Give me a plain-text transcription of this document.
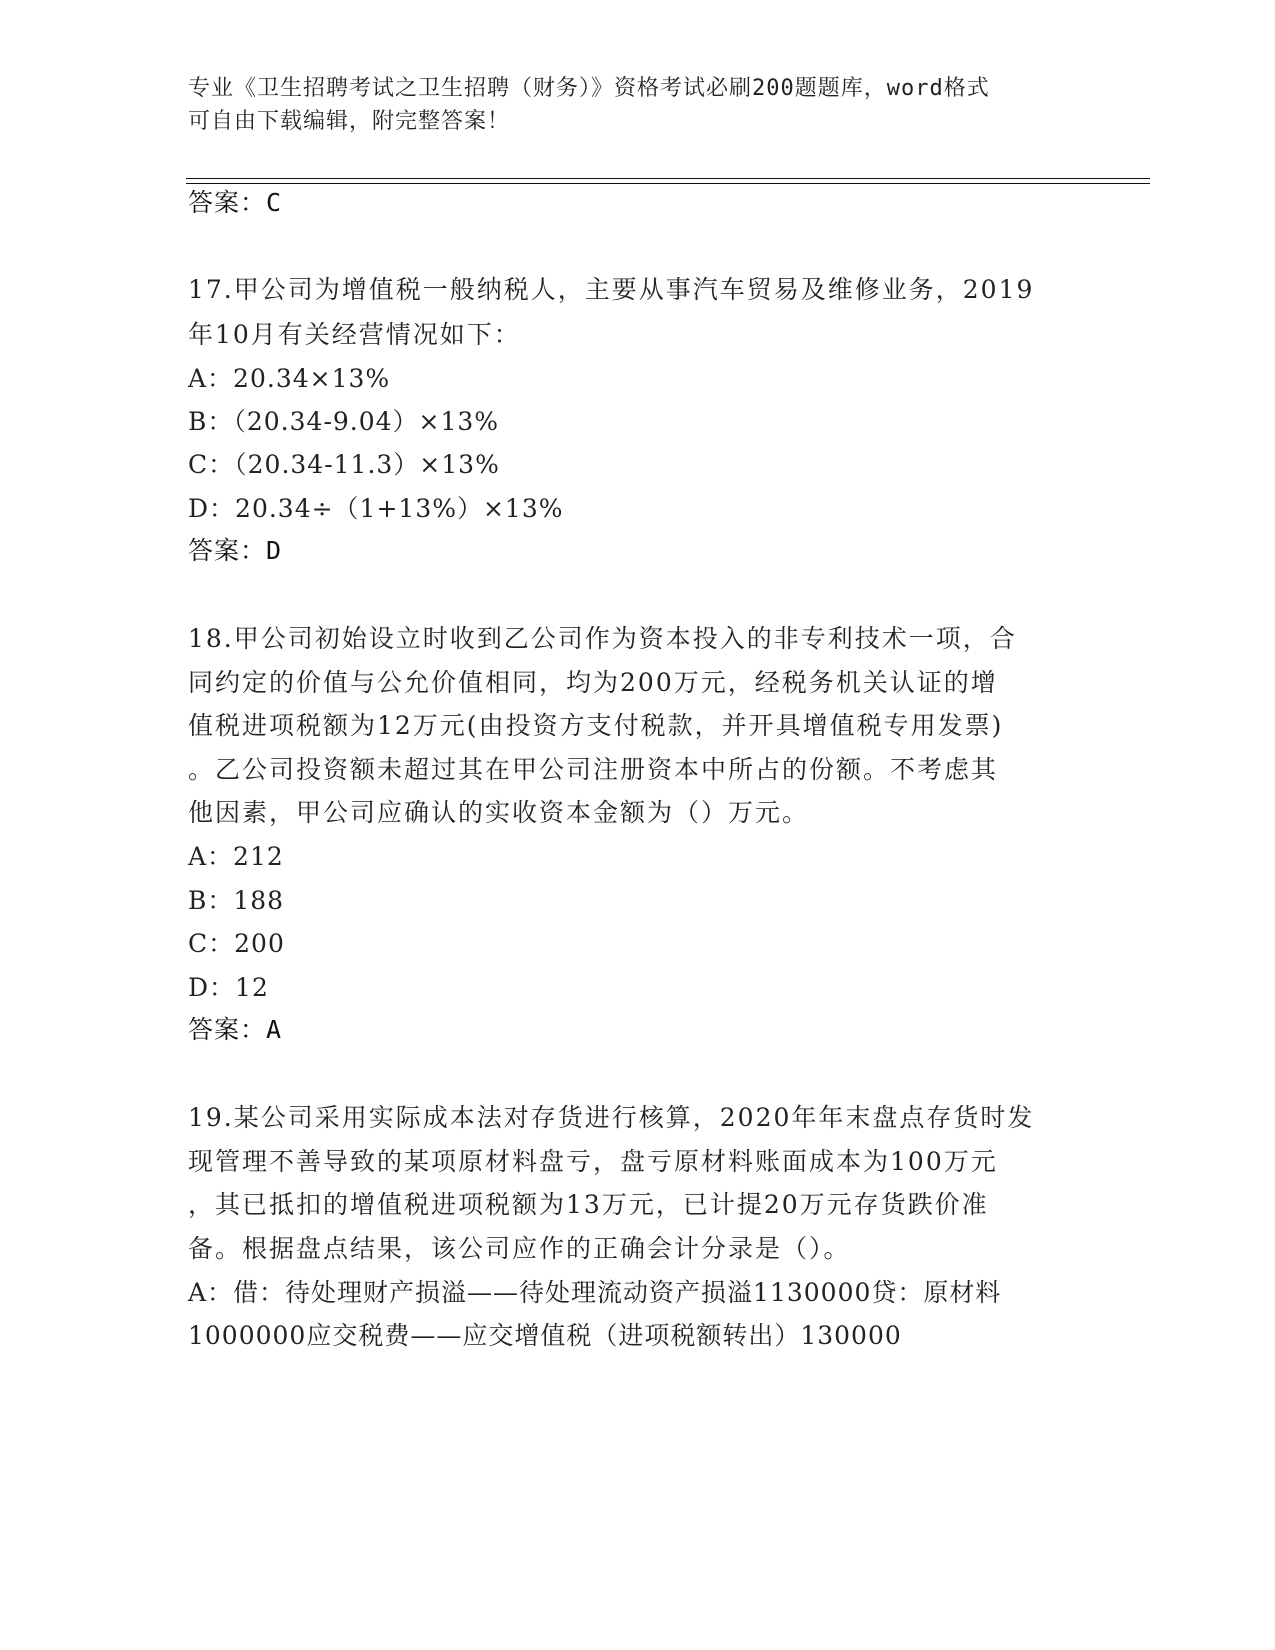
专业《卫生招聘考试之卫生招聘（财务）》资格考试必刷200题题库，word格式
可自由下载编辑，附完整答案！
答案：C
17.甲公司为增值税一般纳税人，主要从事汽车贸易及维修业务，2019
年10月有关经营情况如下：
A：20.34×13%
B：（20.34-9.04）×13%
C：（20.34-11.3）×13%
D：20.34÷（1+13%）×13%
答案：D
18.甲公司初始设立时收到乙公司作为资本投入的非专利技术一项，合
同约定的价值与公允价值相同，均为200万元，经税务机关认证的增
值税进项税额为12万元(由投资方支付税款，并开具增值税专用发票)
。乙公司投资额未超过其在甲公司注册资本中所占的份额。不考虑其
他因素，甲公司应确认的实收资本金额为（）万元。
A：212
B：188
C：200
D：12
答案：A
19.某公司采用实际成本法对存货进行核算，2020年年末盘点存货时发
现管理不善导致的某项原材料盘亏，盘亏原材料账面成本为100万元
，其已抵扣的增值税进项税额为13万元，已计提20万元存货跌价准
备。根据盘点结果，该公司应作的正确会计分录是（）。
A：借：待处理财产损溢——待处理流动资产损溢1130000贷：原材料
1000000应交税费——应交增值税（进项税额转出）130000
